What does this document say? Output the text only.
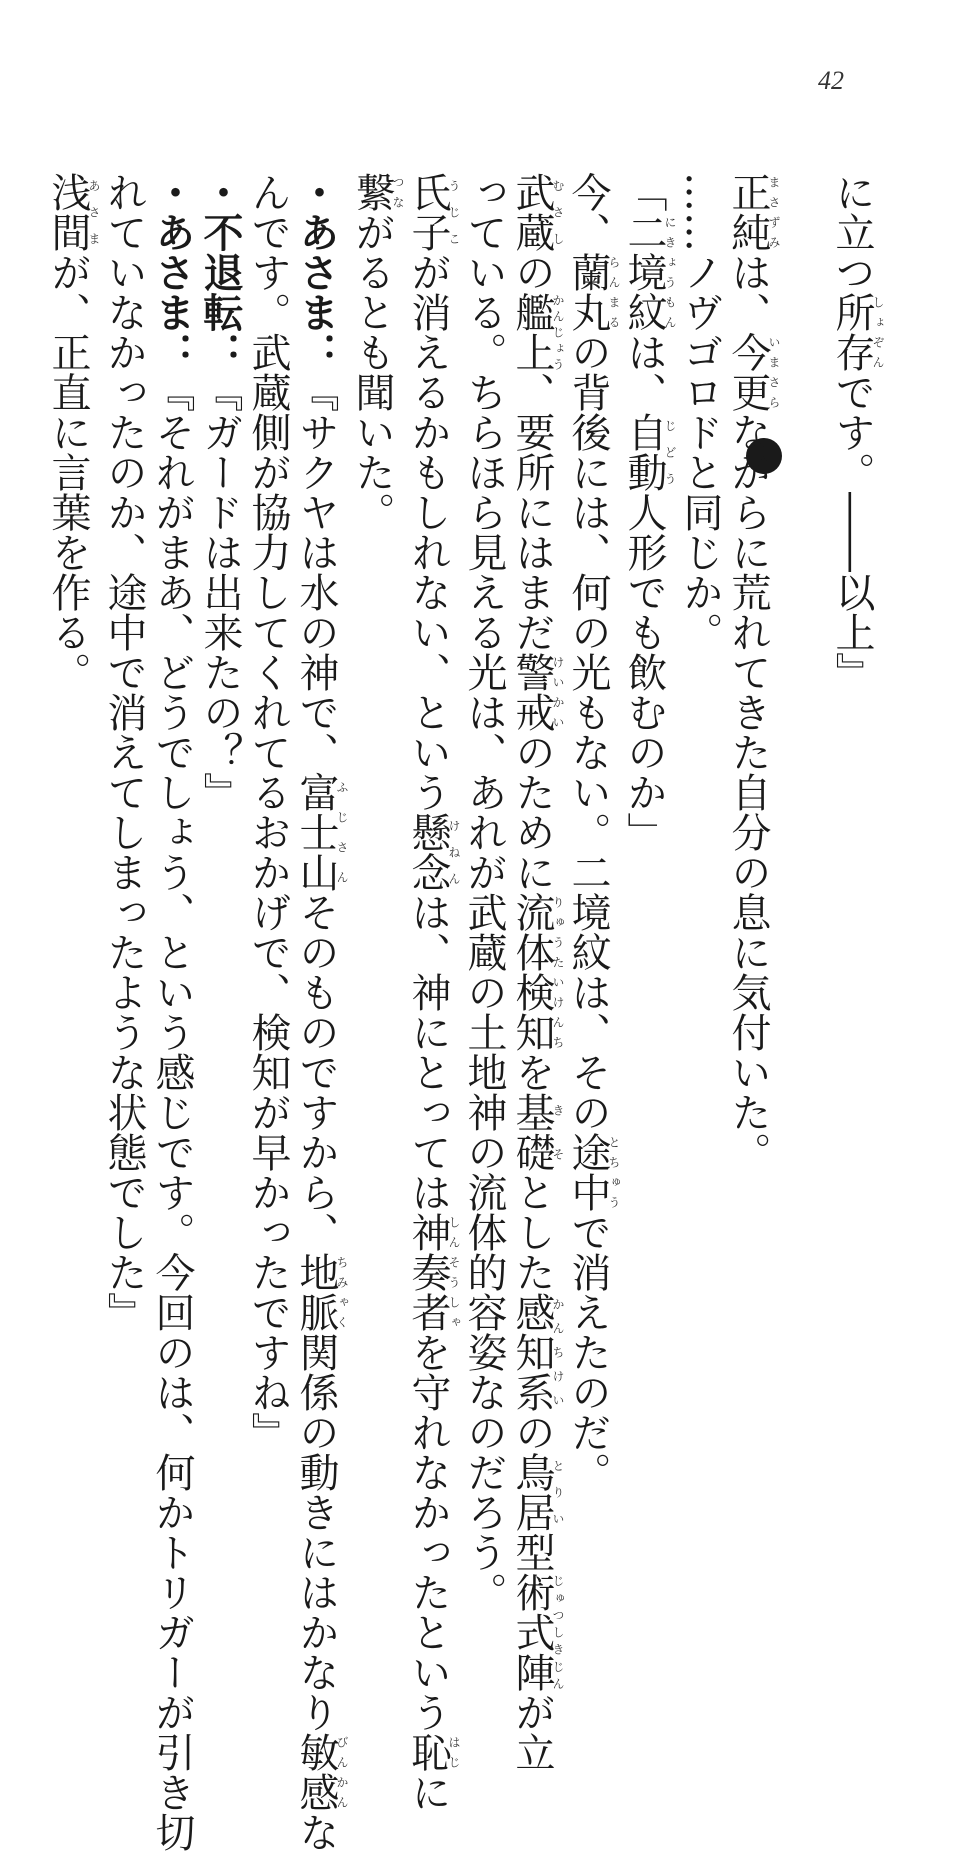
42
に立つ所存しょぞんです。――以上』
正純まさずみは、今更いまさらながらに荒れてきた自分の息に気付いた。
……ノヴゴロドと同じか。
「二境紋にきょうもんは、自動じどう人形でも飲むのか」
今、蘭丸らんまるの背後には、何の光もない。二境紋は、その途中とちゅうで消えたのだ。
武蔵むさしの艦上かんじょう、要所にはまだ警戒けいかいのために流体検知りゅうたいけんちを基礎きそとした感知系かんちけいの鳥居とりい型術式陣じゅつしきじんが立
っている。ちらほら見える光は、あれが武蔵の土地神の流体的容姿なのだろう。
氏子うじこが消えるかもしれない、という懸念けねんは、神にとっては神奏者しんそうしゃを守れなかったという恥はじに
繋つながるとも聞いた。
・あさま：『サクヤは水の神で、富士山ふじさんそのものですから、地脈ちみゃく関係の動きにはかなり敏感びんかんな
んです。武蔵側が協力してくれてるおかげで、検知が早かったですね』
・不退転：『ガードは出来たの？』
・あさま：『それがまあ、どうでしょう、という感じです。今回のは、何かトリガーが引き切
れていなかったのか、途中で消えてしまったような状態でした』
浅間あさまが、正直に言葉を作る。
